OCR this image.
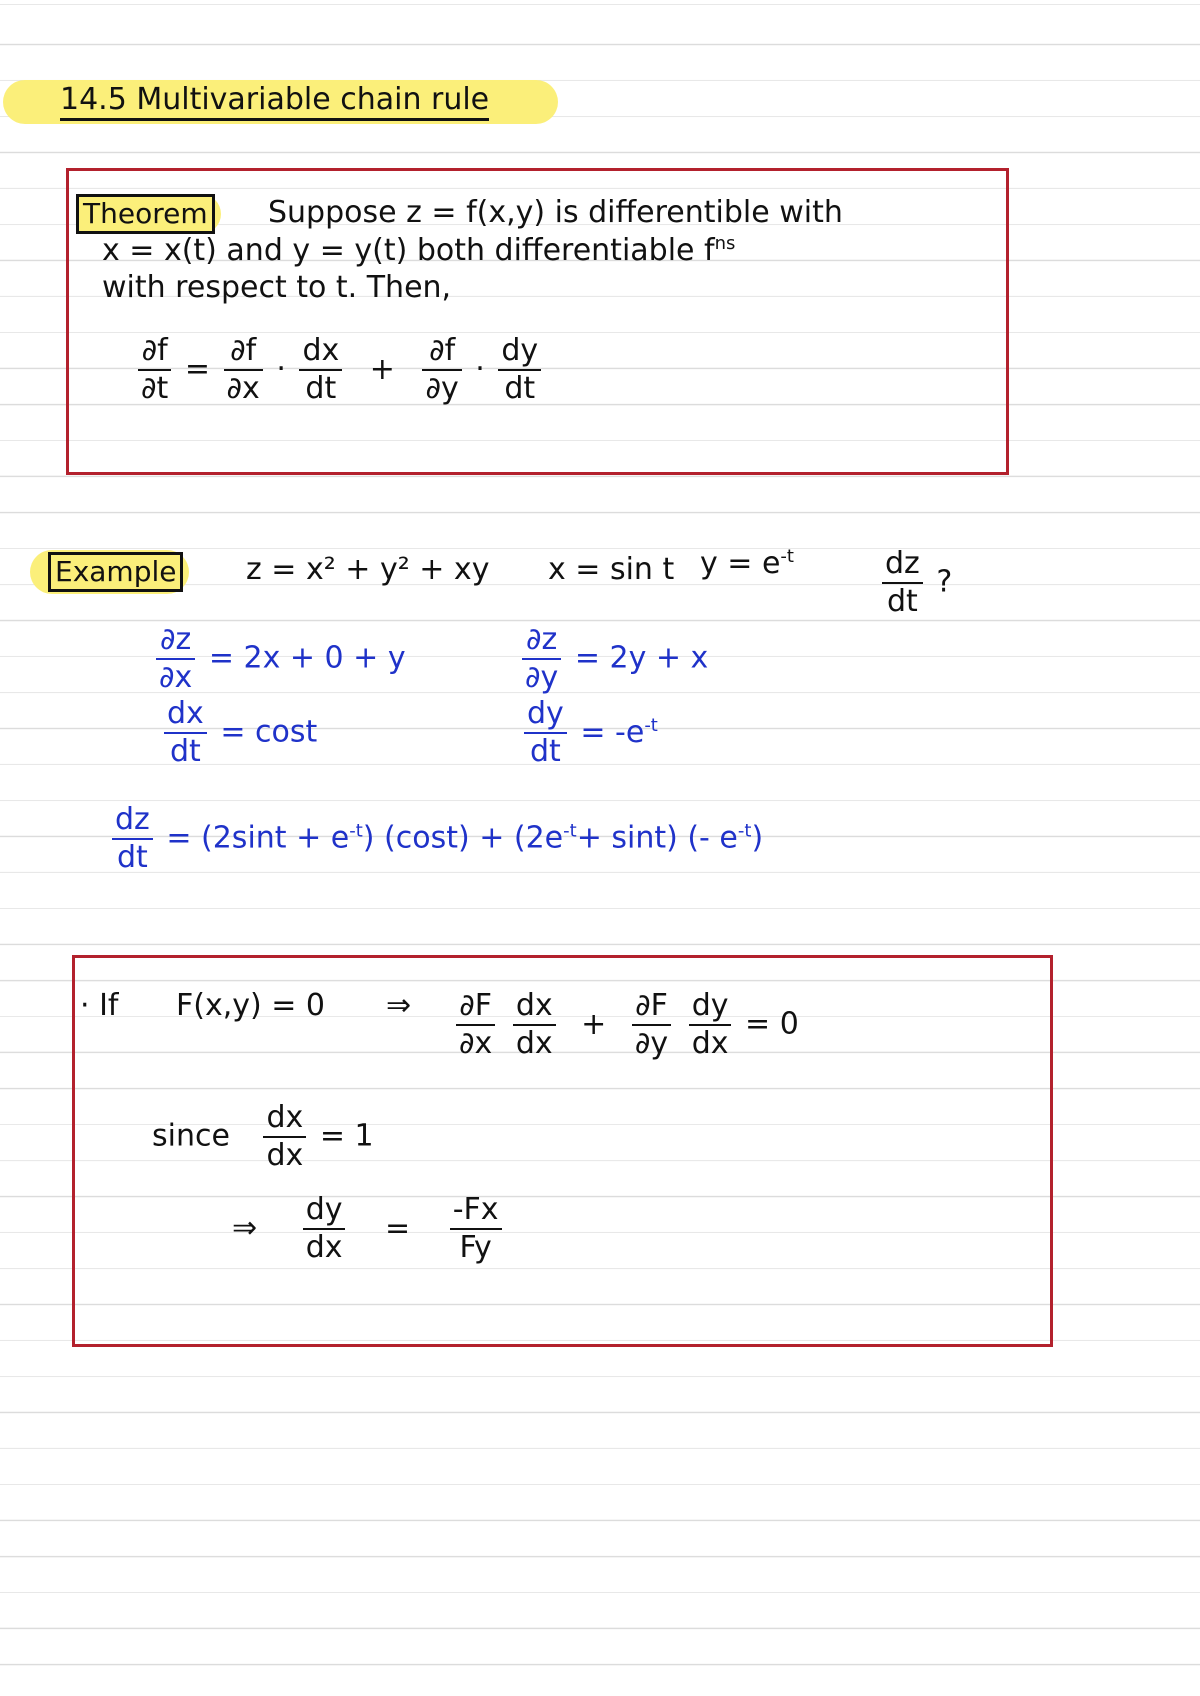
14.5 Multivariable chain rule
Theorem	Suppose z = f(x,y) is differentible with
x = x(t) and y = y(t) both differentiable $f^{ns}$
with respect to t. Then,
$\frac{\partial f}{\partial t} = \frac{\partial f}{\partial x} \cdot \frac{dx}{dt} + \frac{\partial f}{\partial y} \cdot \frac{dy}{dt}$
Example	z = x² + y² + xy x = sin t $y = e^{-t}$	$\frac{dz}{dt}$ ?
$\frac{\partial z}{\partial x} = 2x + 0 + y$	$\frac{\partial z}{\partial y} = 2y + x$
$\frac{dx}{dt} = \cos t$	$\frac{dy}{dt} = -e^{-t}$
$\frac{dz}{dt} = (2\sin t + e^{-t}) (\cos t) + (2e^{-t}+ \sin t)$ (- $e^{-t}$)
· If F(x,y) = 0 ⇒ $\frac{\partial F}{\partial x}$
$\frac{dx}{dx} + \frac{\partial F}{\partial y}$
$\frac{dy}{dx} = 0$
since $\frac{dx}{dx} = 1$
⇒ $\frac{dy}{dx} = \frac{-Fx}{Fy}$
